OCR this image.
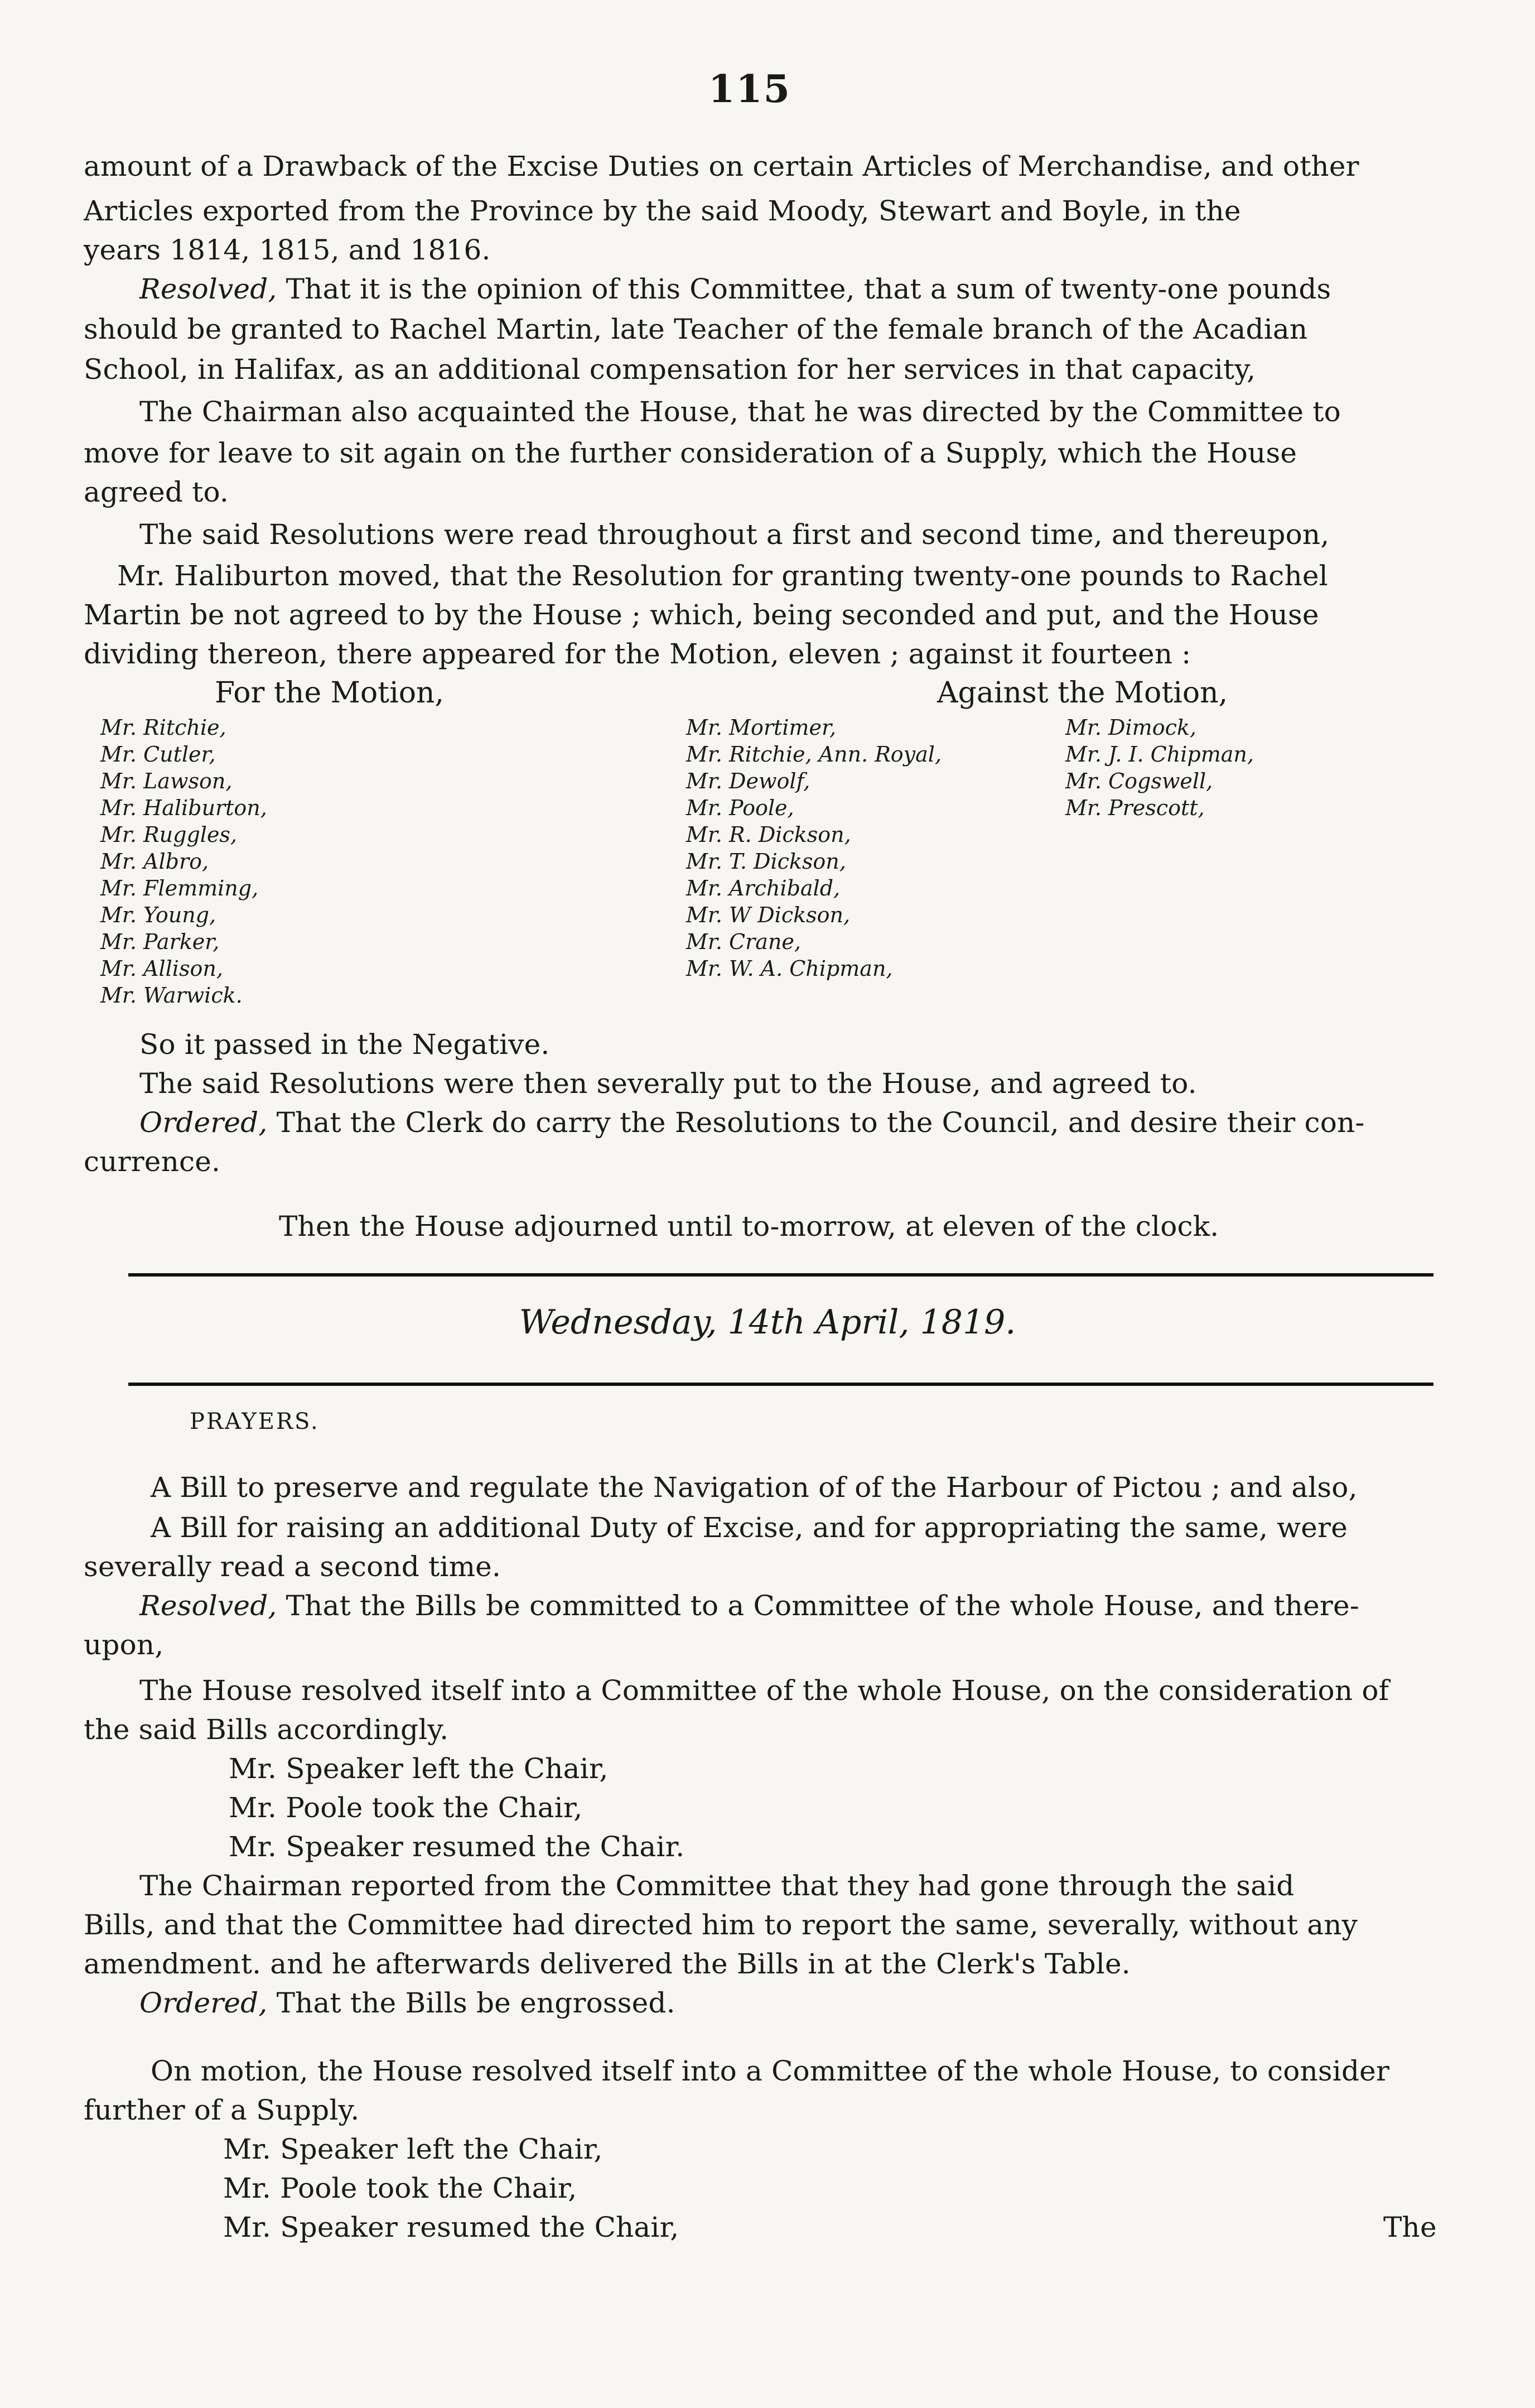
115
amount of a Drawback of the Excise Duties on certain Articles of Merchandise, and other
Articles exported from the Province by the said Moody, Stewart and Boyle, in the
years 1814, 1815, and 1816.
Resolved, That it is the opinion of this Committee, that a sum of twenty-one pounds
should be granted to Rachel Martin, late Teacher of the female branch of the Acadian
School, in Halifax, as an additional compensation for her services in that capacity,
The Chairman also acquainted the House, that he was directed by the Committee to
move for leave to sit again on the further consideration of a Supply, which the House
agreed to.
The said Resolutions were read throughout a first and second time, and thereupon,
Mr. Haliburton moved, that the Resolution for granting twenty-one pounds to Rachel
Martin be not agreed to by the House ; which, being seconded and put, and the House
dividing thereon, there appeared for the Motion, eleven ; against it fourteen :
For the Motion,	Against the Motion,
Mr. Ritchie,
Mr. Cutler,
Mr. Lawson,
Mr. Haliburton,
Mr. Ruggles,
Mr. Albro,
Mr. Flemming,
Mr. Young,
Mr. Parker,
Mr. Allison,
Mr. Warwick.
Mr. Mortimer,
Mr. Ritchie, Ann. Royal,
Mr. Dewolf,
Mr. Poole,
Mr. R. Dickson,
Mr. T. Dickson,
Mr. Archibald,
Mr. W Dickson,
Mr. Crane,
Mr. W. A. Chipman,
Mr. Dimock,
Mr. J. I. Chipman,
Mr. Cogswell,
Mr. Prescott,
So it passed in the Negative.
The said Resolutions were then severally put to the House, and agreed to.
Ordered, That the Clerk do carry the Resolutions to the Council, and desire their con-
currence.
Then the House adjourned until to-morrow, at eleven of the clock.
Wednesday, 14th April, 1819.
PRAYERS.
A Bill to preserve and regulate the Navigation of of the Harbour of Pictou ; and also,
A Bill for raising an additional Duty of Excise, and for appropriating the same, were
severally read a second time.
Resolved, That the Bills be committed to a Committee of the whole House, and there-
upon,
The House resolved itself into a Committee of the whole House, on the consideration of
the said Bills accordingly.
Mr. Speaker left the Chair,
Mr. Poole took the Chair,
Mr. Speaker resumed the Chair.
The Chairman reported from the Committee that they had gone through the said
Bills, and that the Committee had directed him to report the same, severally, without any
amendment. and he afterwards delivered the Bills in at the Clerk's Table.
Ordered, That the Bills be engrossed.
On motion, the House resolved itself into a Committee of the whole House, to consider
further of a Supply.
Mr. Speaker left the Chair,
Mr. Poole took the Chair,
Mr. Speaker resumed the Chair,	The
